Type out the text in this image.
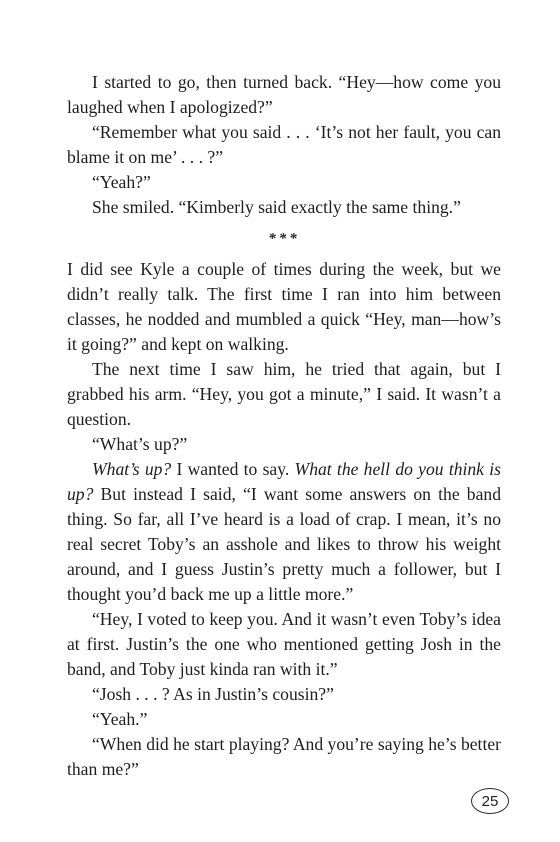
I started to go, then turned back. “Hey—how come you laughed when I apologized?”

“Remember what you said . . . ‘It’s not her fault, you can blame it on me’ . . . ?”

“Yeah?”

She smiled. “Kimberly said exactly the same thing.”

***

I did see Kyle a couple of times during the week, but we didn’t really talk. The first time I ran into him between classes, he nodded and mumbled a quick “Hey, man—how’s it going?” and kept on walking.

The next time I saw him, he tried that again, but I grabbed his arm. “Hey, you got a minute,” I said. It wasn’t a question.

“What’s up?”

What’s up? I wanted to say. What the hell do you think is up? But instead I said, “I want some answers on the band thing. So far, all I’ve heard is a load of crap. I mean, it’s no real secret Toby’s an asshole and likes to throw his weight around, and I guess Justin’s pretty much a follower, but I thought you’d back me up a little more.”

“Hey, I voted to keep you. And it wasn’t even Toby’s idea at first. Justin’s the one who mentioned getting Josh in the band, and Toby just kinda ran with it.”

“Josh . . . ? As in Justin’s cousin?”

“Yeah.”

“When did he start playing? And you’re saying he’s better than me?”

25
